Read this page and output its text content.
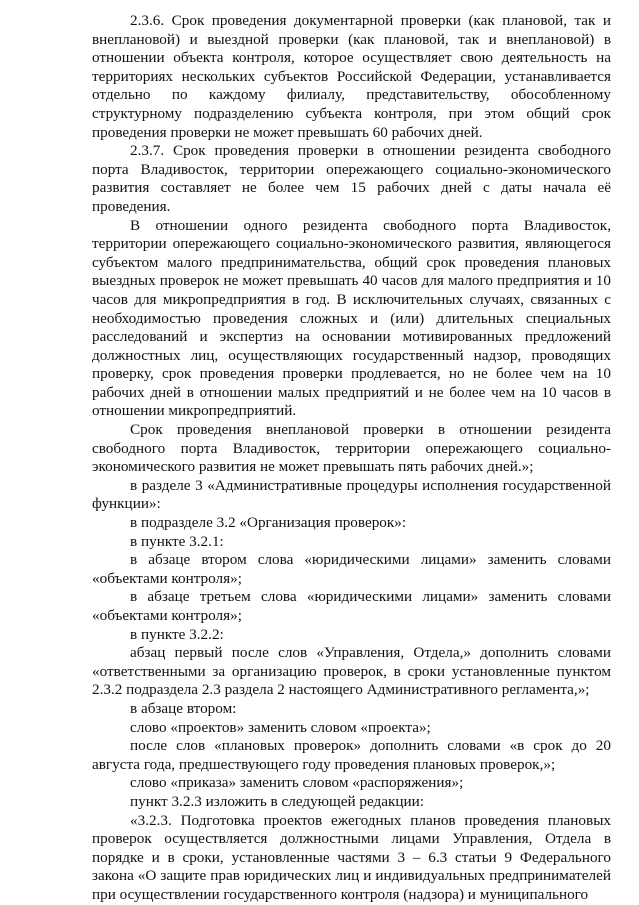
2.3.6. Срок проведения документарной проверки (как плановой, так и внеплановой) и выездной проверки (как плановой, так и внеплановой) в отношении объекта контроля, которое осуществляет свою деятельность на территориях нескольких субъектов Российской Федерации, устанавливается отдельно по каждому филиалу, представительству, обособленному структурному подразделению субъекта контроля, при этом общий срок проведения проверки не может превышать 60 рабочих дней.

2.3.7. Срок проведения проверки в отношении резидента свободного порта Владивосток, территории опережающего социально-экономического развития составляет не более чем 15 рабочих дней с даты начала её проведения.

В отношении одного резидента свободного порта Владивосток, территории опережающего социально-экономического развития, являющегося субъектом малого предпринимательства, общий срок проведения плановых выездных проверок не может превышать 40 часов для малого предприятия и 10 часов для микропредприятия в год. В исключительных случаях, связанных с необходимостью проведения сложных и (или) длительных специальных расследований и экспертиз на основании мотивированных предложений должностных лиц, осуществляющих государственный надзор, проводящих проверку, срок проведения проверки продлевается, но не более чем на 10 рабочих дней в отношении малых предприятий и не более чем на 10 часов в отношении микропредприятий.

Срок проведения внеплановой проверки в отношении резидента свободного порта Владивосток, территории опережающего социально-экономического развития не может превышать пять рабочих дней.»;

в разделе 3 «Административные процедуры исполнения государственной функции»:

в подразделе 3.2 «Организация проверок»:

в пункте 3.2.1:

в абзаце втором слова «юридическими лицами» заменить словами «объектами контроля»;

в абзаце третьем слова «юридическими лицами» заменить словами «объектами контроля»;

в пункте 3.2.2:

абзац первый после слов «Управления, Отдела,» дополнить словами «ответственными за организацию проверок, в сроки установленные пунктом 2.3.2 подраздела 2.3 раздела 2 настоящего Административного регламента,»;

в абзаце втором:

слово «проектов» заменить словом «проекта»;

после слов «плановых проверок» дополнить словами «в срок до 20 августа года, предшествующего году проведения плановых проверок,»;

слово «приказа» заменить словом «распоряжения»;

пункт 3.2.3 изложить в следующей редакции:

«3.2.3. Подготовка проектов ежегодных планов проведения плановых проверок осуществляется должностными лицами Управления, Отдела в порядке и в сроки, установленные частями 3 – 6.3 статьи 9 Федерального закона «О защите прав юридических лиц и индивидуальных предпринимателей при осуществлении государственного контроля (надзора) и муниципального
